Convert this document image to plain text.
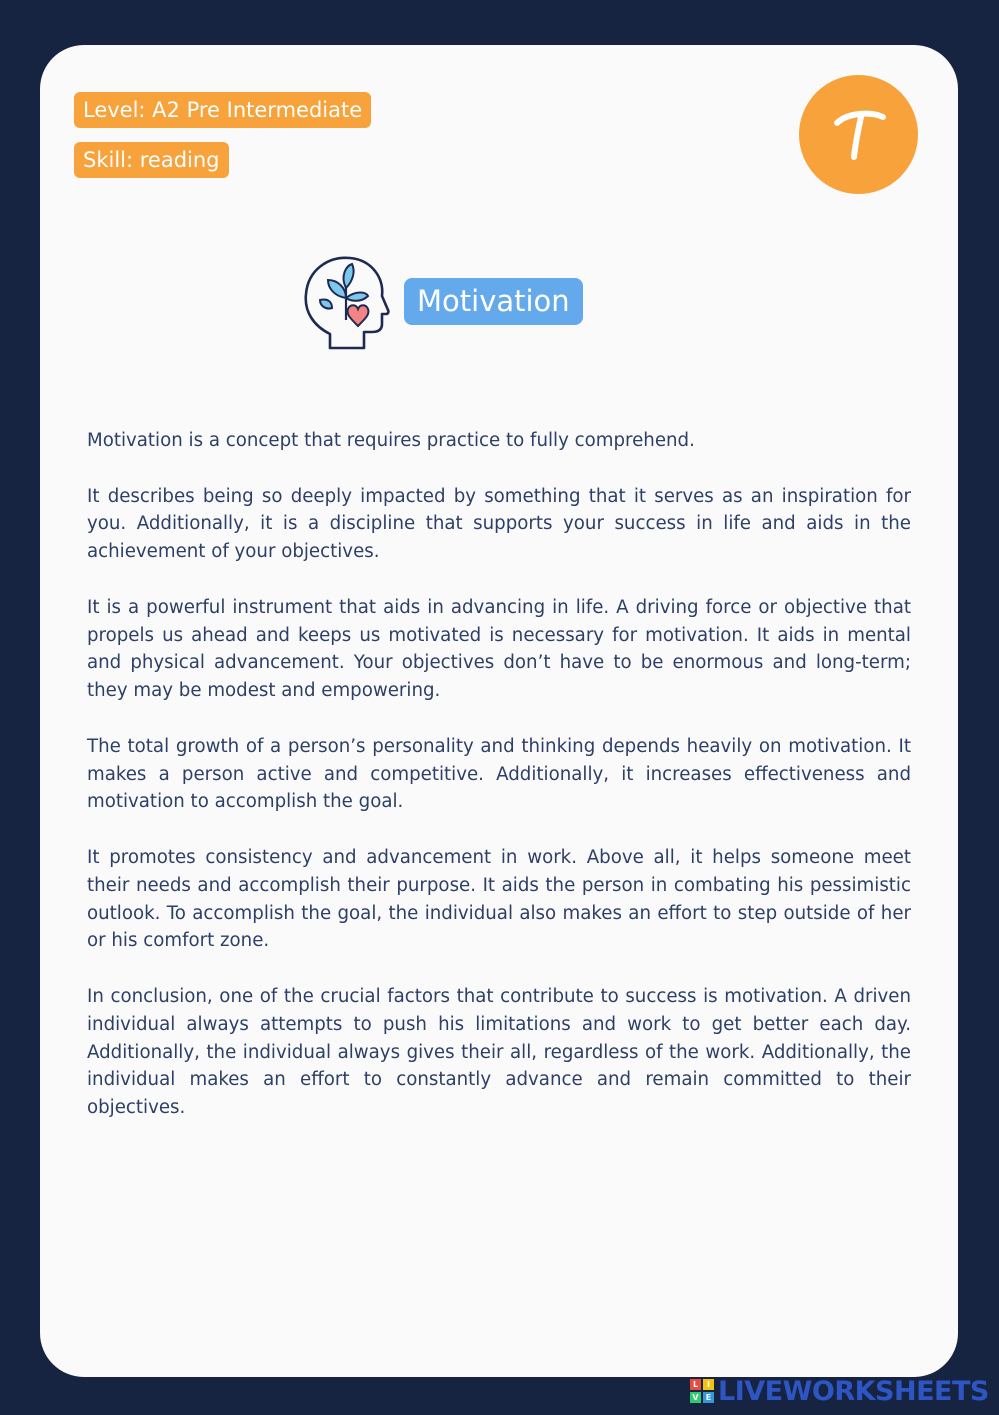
Level: A2 Pre Intermediate
Skill: reading
Motivation

Motivation is a concept that requires practice to fully comprehend.

It describes being so deeply impacted by something that it serves as an inspiration for you. Additionally, it is a discipline that supports your success in life and aids in the achievement of your objectives.

It is a powerful instrument that aids in advancing in life. A driving force or objective that propels us ahead and keeps us motivated is necessary for motivation. It aids in mental and physical advancement. Your objectives don’t have to be enormous and long-term; they may be modest and empowering.

The total growth of a person’s personality and thinking depends heavily on motivation. It makes a person active and competitive. Additionally, it increases effectiveness and motivation to accomplish the goal.

It promotes consistency and advancement in work. Above all, it helps someone meet their needs and accomplish their purpose. It aids the person in combating his pessimistic outlook. To accomplish the goal, the individual also makes an effort to step outside of her or his comfort zone.

In conclusion, one of the crucial factors that contribute to success is motivation. A driven individual always attempts to push his limitations and work to get better each day. Additionally, the individual always gives their all, regardless of the work. Additionally, the individual makes an effort to constantly advance and remain committed to their objectives.

L	I
V E LIVEWORKSHEETS
